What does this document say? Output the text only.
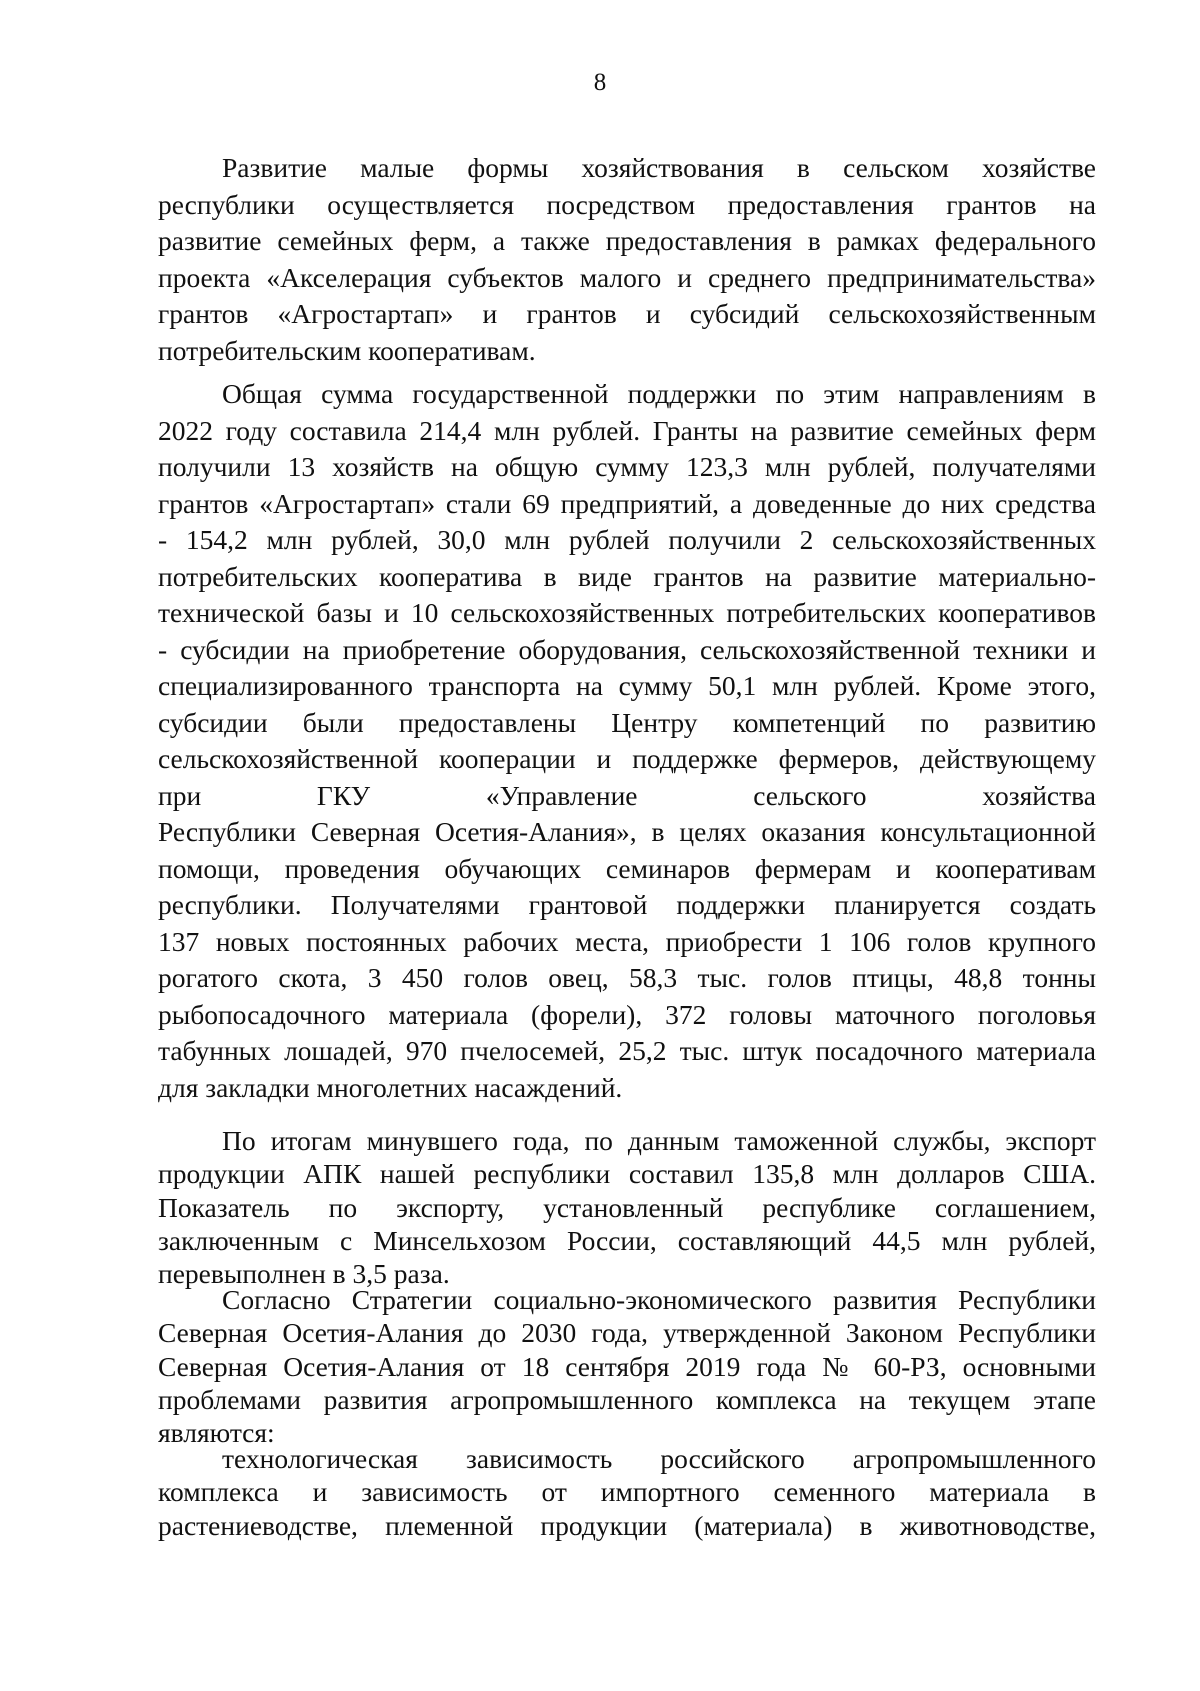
8
Развитие малые формы хозяйствования в сельском хозяйстве
республики осуществляется посредством предоставления грантов на
развитие семейных ферм, а также предоставления в рамках федерального
проекта «Акселерация субъектов малого и среднего предпринимательства»
грантов «Агростартап» и грантов и субсидий сельскохозяйственным
потребительским кооперативам.
Общая сумма государственной поддержки по этим направлениям в
2022 году составила 214,4 млн рублей. Гранты на развитие семейных ферм
получили 13 хозяйств на общую сумму 123,3 млн рублей, получателями
грантов «Агростартап» стали 69 предприятий, а доведенные до них средства
- 154,2 млн рублей, 30,0 млн рублей получили 2 сельскохозяйственных
потребительских кооператива в виде грантов на развитие материально-
технической базы и 10 сельскохозяйственных потребительских кооперативов
- субсидии на приобретение оборудования, сельскохозяйственной техники и
специализированного транспорта на сумму 50,1 млн рублей. Кроме этого,
субсидии были предоставлены Центру компетенций по развитию
сельскохозяйственной кооперации и поддержке фермеров, действующему
при ГКУ «Управление сельского хозяйства
Республики Северная Осетия-Алания», в целях оказания консультационной
помощи, проведения обучающих семинаров фермерам и кооперативам
республики. Получателями грантовой поддержки планируется создать
137 новых постоянных рабочих места, приобрести 1 106 голов крупного
рогатого скота, 3 450 голов овец, 58,3 тыс. голов птицы, 48,8 тонны
рыбопосадочного материала (форели), 372 головы маточного поголовья
табунных лошадей, 970 пчелосемей, 25,2 тыс. штук посадочного материала
для закладки многолетних насаждений.
По итогам минувшего года, по данным таможенной службы, экспорт
продукции АПК нашей республики составил 135,8 млн долларов США.
Показатель по экспорту, установленный республике соглашением,
заключенным с Минсельхозом России, составляющий 44,5 млн рублей,
перевыполнен в 3,5 раза.
Согласно Стратегии социально-экономического развития Республики
Северная Осетия-Алания до 2030 года, утвержденной Законом Республики
Северная Осетия-Алания от 18 сентября 2019 года № 60-РЗ, основными
проблемами развития агропромышленного комплекса на текущем этапе
являются:
технологическая зависимость российского агропромышленного
комплекса и зависимость от импортного семенного материала в
растениеводстве, племенной продукции (материала) в животноводстве,
